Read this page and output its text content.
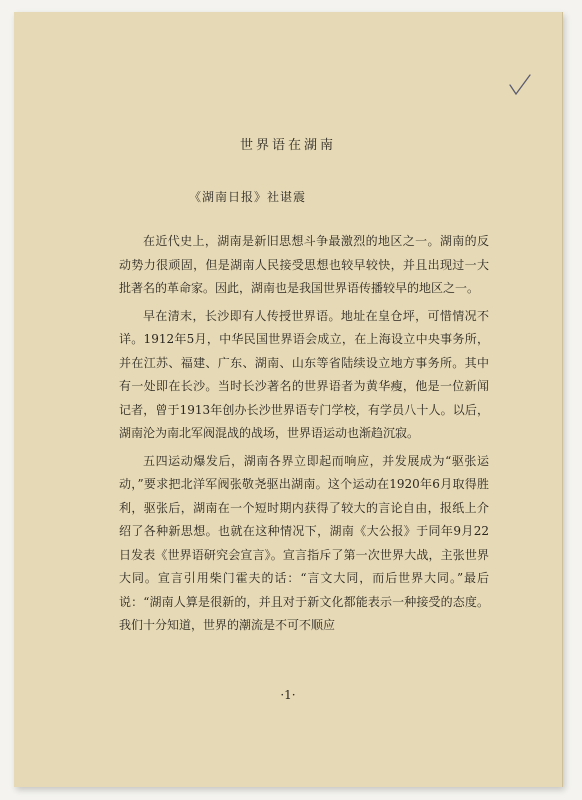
世界语在湖南
《湖南日报》社谌震

在近代史上，湖南是新旧思想斗争最激烈的地区之一。湖南的反动势力很顽固，但是湖南人民接受思想也较早较快，并且出现过一大批著名的革命家。因此，湖南也是我国世界语传播较早的地区之一。

早在清末，长沙即有人传授世界语。地址在皇仓坪，可惜情况不详。1912年5月，中华民国世界语会成立，在上海设立中央事务所，并在江苏、福建、广东、湖南、山东等省陆续设立地方事务所。其中有一处即在长沙。当时长沙著名的世界语者为黄华瘦，他是一位新闻记者，曾于1913年创办长沙世界语专门学校，有学员八十人。以后，湖南沦为南北军阀混战的战场，世界语运动也渐趋沉寂。

五四运动爆发后，湖南各界立即起而响应，并发展成为“驱张运动，”要求把北洋军阀张敬尧驱出湖南。这个运动在1920年6月取得胜利，驱张后，湖南在一个短时期内获得了较大的言论自由，报纸上介绍了各种新思想。也就在这种情况下，湖南《大公报》于同年9月22日发表《世界语研究会宣言》。宣言指斥了第一次世界大战，主张世界大同。宣言引用柴门霍夫的话：“言文大同，而后世界大同。”最后说：“湖南人算是很新的，并且对于新文化都能表示一种接受的态度。我们十分知道，世界的潮流是不可不顺应

·1·
